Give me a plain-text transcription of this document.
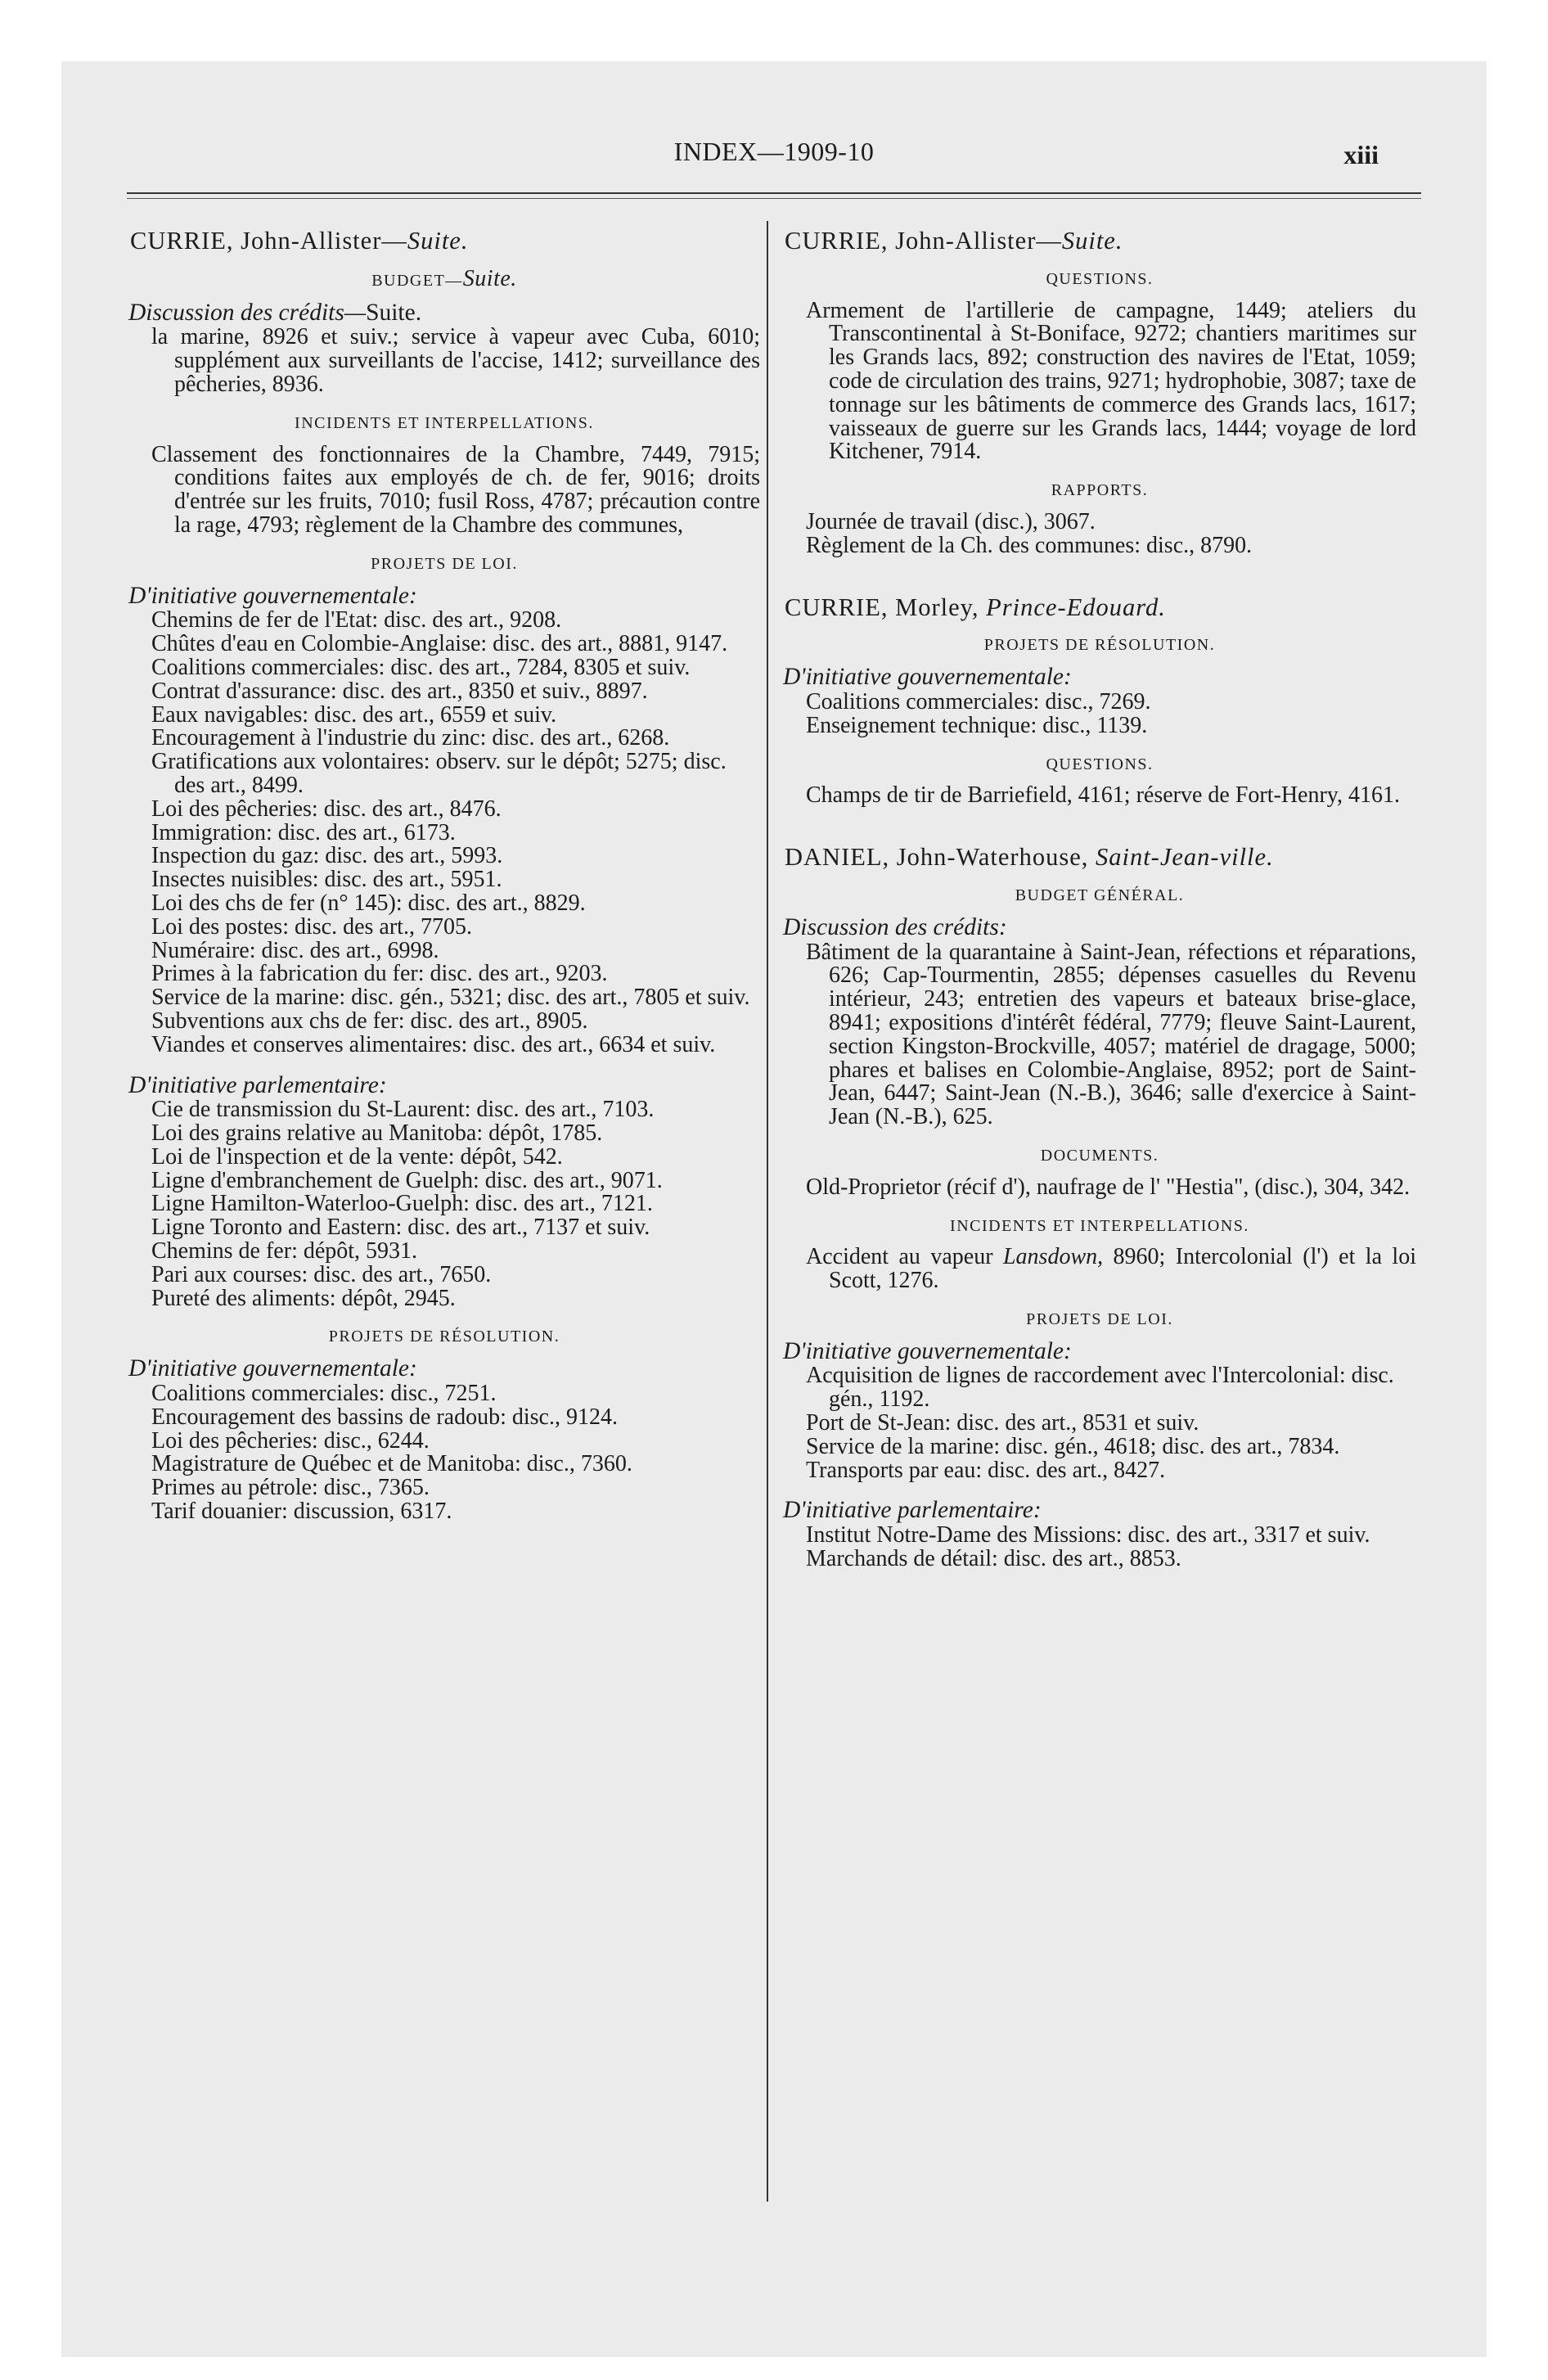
INDEX—1909-10	xiii
CURRIE, John-Allister—Suite.
BUDGET—Suite.
Discussion des crédits—Suite.

la marine, 8926 et suiv.; service à vapeur avec Cuba, 6010; supplément aux surveillants de l'accise, 1412; surveillance des pêcheries, 8936.

INCIDENTS ET INTERPELLATIONS.

Classement des fonctionnaires de la Chambre, 7449, 7915; conditions faites aux employés de ch. de fer, 9016; droits d'entrée sur les fruits, 7010; fusil Ross, 4787; précaution contre la rage, 4793; règlement de la Chambre des communes,

PROJETS DE LOI.
D'initiative gouvernementale:

Chemins de fer de l'Etat: disc. des art., 9208.

Chûtes d'eau en Colombie-Anglaise: disc. des art., 8881, 9147.

Coalitions commerciales: disc. des art., 7284, 8305 et suiv.

Contrat d'assurance: disc. des art., 8350 et suiv., 8897.

Eaux navigables: disc. des art., 6559 et suiv.

Encouragement à l'industrie du zinc: disc. des art., 6268.

Gratifications aux volontaires: observ. sur le dépôt; 5275; disc. des art., 8499.

Loi des pêcheries: disc. des art., 8476.

Immigration: disc. des art., 6173.

Inspection du gaz: disc. des art., 5993.

Insectes nuisibles: disc. des art., 5951.

Loi des chs de fer (n° 145): disc. des art., 8829.

Loi des postes: disc. des art., 7705.

Numéraire: disc. des art., 6998.

Primes à la fabrication du fer: disc. des art., 9203.

Service de la marine: disc. gén., 5321; disc. des art., 7805 et suiv.

Subventions aux chs de fer: disc. des art., 8905.

Viandes et conserves alimentaires: disc. des art., 6634 et suiv.

D'initiative parlementaire:

Cie de transmission du St-Laurent: disc. des art., 7103.

Loi des grains relative au Manitoba: dépôt, 1785.

Loi de l'inspection et de la vente: dépôt, 542.

Ligne d'embranchement de Guelph: disc. des art., 9071.

Ligne Hamilton-Waterloo-Guelph: disc. des art., 7121.

Ligne Toronto and Eastern: disc. des art., 7137 et suiv.

Chemins de fer: dépôt, 5931.

Pari aux courses: disc. des art., 7650.

Pureté des aliments: dépôt, 2945.

PROJETS DE RÉSOLUTION.
D'initiative gouvernementale:

Coalitions commerciales: disc., 7251.

Encouragement des bassins de radoub: disc., 9124.

Loi des pêcheries: disc., 6244.

Magistrature de Québec et de Manitoba: disc., 7360.

Primes au pétrole: disc., 7365.

Tarif douanier: discussion, 6317.

CURRIE, John-Allister—Suite.
QUESTIONS.

Armement de l'artillerie de campagne, 1449; ateliers du Transcontinental à St-Boniface, 9272; chantiers maritimes sur les Grands lacs, 892; construction des navires de l'Etat, 1059; code de circulation des trains, 9271; hydrophobie, 3087; taxe de tonnage sur les bâtiments de commerce des Grands lacs, 1617; vaisseaux de guerre sur les Grands lacs, 1444; voyage de lord Kitchener, 7914.

RAPPORTS.

Journée de travail (disc.), 3067.

Règlement de la Ch. des communes: disc., 8790.

CURRIE, Morley, Prince-Edouard.
PROJETS DE RÉSOLUTION.
D'initiative gouvernementale:

Coalitions commerciales: disc., 7269.

Enseignement technique: disc., 1139.

QUESTIONS.

Champs de tir de Barriefield, 4161; réserve de Fort-Henry, 4161.

DANIEL, John-Waterhouse, Saint-Jean-ville.
BUDGET GÉNÉRAL.
Discussion des crédits:

Bâtiment de la quarantaine à Saint-Jean, réfections et réparations, 626; Cap-Tourmentin, 2855; dépenses casuelles du Revenu intérieur, 243; entretien des vapeurs et bateaux brise-glace, 8941; expositions d'intérêt fédéral, 7779; fleuve Saint-Laurent, section Kingston-Brockville, 4057; matériel de dragage, 5000; phares et balises en Colombie-Anglaise, 8952; port de Saint-Jean, 6447; Saint-Jean (N.-B.), 3646; salle d'exercice à Saint-Jean (N.-B.), 625.

DOCUMENTS.

Old-Proprietor (récif d'), naufrage de l' "Hestia", (disc.), 304, 342.

INCIDENTS ET INTERPELLATIONS.

Accident au vapeur Lansdown, 8960; Intercolonial (l') et la loi Scott, 1276.

PROJETS DE LOI.
D'initiative gouvernementale:

Acquisition de lignes de raccordement avec l'Intercolonial: disc. gén., 1192.

Port de St-Jean: disc. des art., 8531 et suiv.

Service de la marine: disc. gén., 4618; disc. des art., 7834.

Transports par eau: disc. des art., 8427.

D'initiative parlementaire:

Institut Notre-Dame des Missions: disc. des art., 3317 et suiv.

Marchands de détail: disc. des art., 8853.
